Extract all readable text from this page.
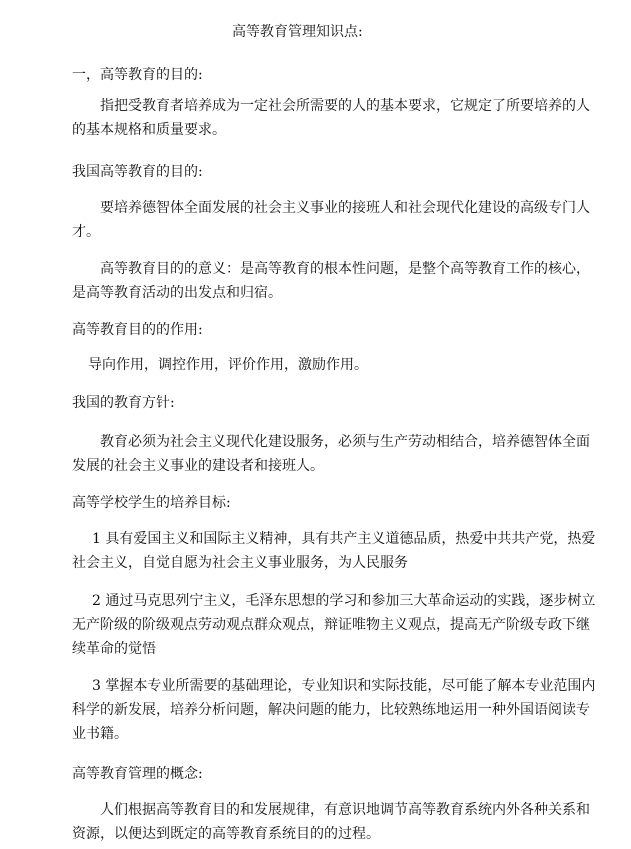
高等教育管理知识点:
一，高等教育的目的:
指把受教育者培养成为一定社会所需要的人的基本要求，它规定了所要培养的人
的基本规格和质量要求。
我国高等教育的目的:
要培养德智体全面发展的社会主义事业的接班人和社会现代化建设的高级专门人
才。
高等教育目的的意义：是高等教育的根本性问题，是整个高等教育工作的核心，
是高等教育活动的出发点和归宿。
高等教育目的的作用:
导向作用，调控作用，评价作用，激励作用。
我国的教育方针:
教育必须为社会主义现代化建设服务，必须与生产劳动相结合，培养德智体全面
发展的社会主义事业的建设者和接班人。
高等学校学生的培养目标:
1 具有爱国主义和国际主义精神，具有共产主义道德品质，热爱中共共产党，热爱
社会主义，自觉自愿为社会主义事业服务，为人民服务
2 通过马克思列宁主义，毛泽东思想的学习和参加三大革命运动的实践，逐步树立
无产阶级的阶级观点劳动观点群众观点，辩证唯物主义观点，提高无产阶级专政下继
续革命的觉悟
3 掌握本专业所需要的基础理论，专业知识和实际技能，尽可能了解本专业范围内
科学的新发展，培养分析问题，解决问题的能力，比较熟练地运用一种外国语阅读专
业书籍。
高等教育管理的概念:
人们根据高等教育目的和发展规律，有意识地调节高等教育系统内外各种关系和
资源，以便达到既定的高等教育系统目的的过程。
